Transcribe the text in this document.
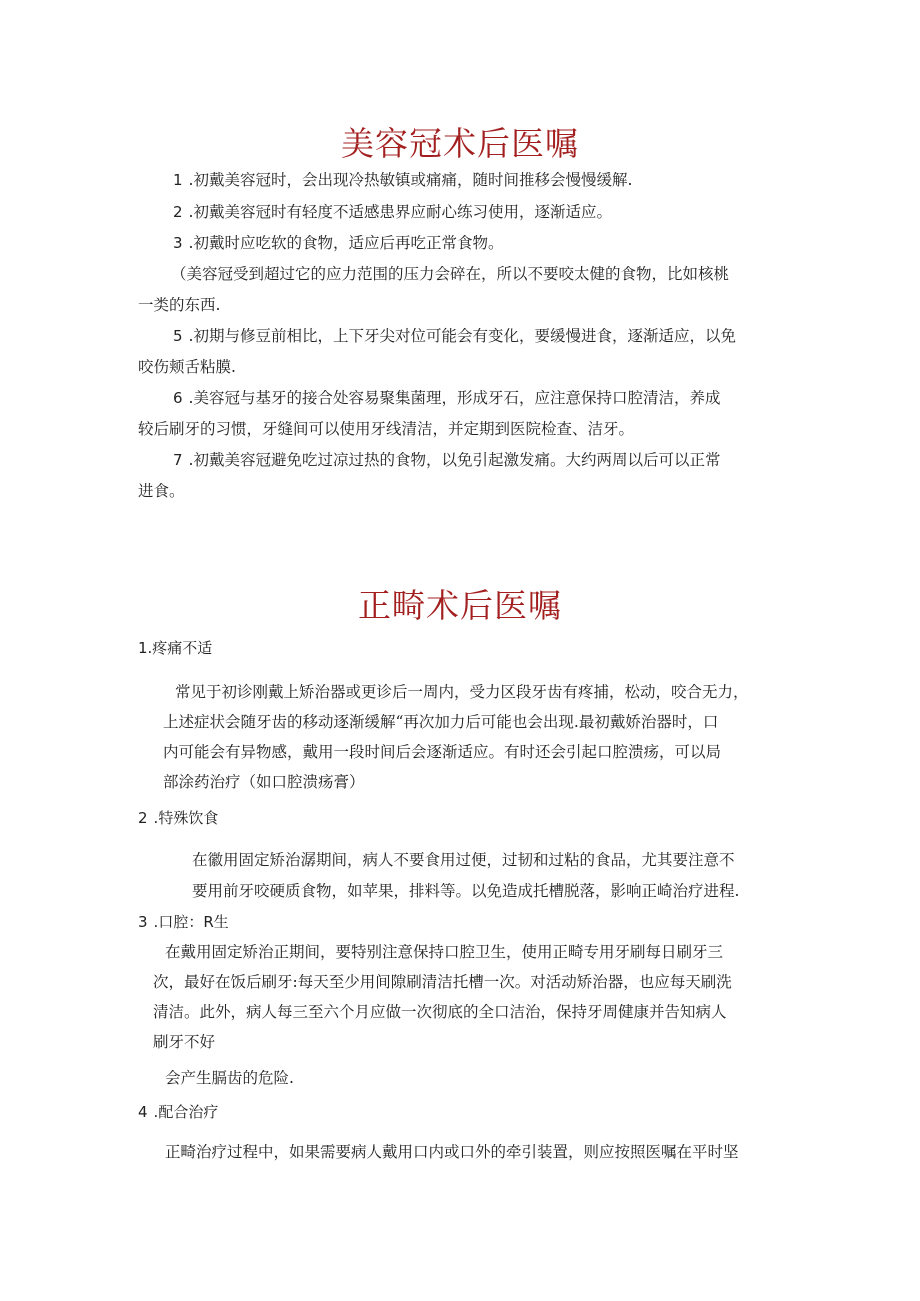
美容冠术后医嘱
1 .初戴美容冠时，会出现冷热敏镇或痛痛，随时间推移会慢慢缓解.
2 .初戴美容冠时有轻度不适感患界应耐心练习使用，逐渐适应。
3 .初戴时应吃软的食物，适应后再吃正常食物。
（美容冠受到超过它的应力范围的压力会碎在，所以不要咬太健的食物，比如核桃
一类的东西.
5 .初期与修豆前相比，上下牙尖对位可能会有变化，要缓慢进食，逐渐适应，以免
咬伤颊舌粘膜.
6 .美容冠与基牙的接合处容易聚集菌理，形成牙石，应注意保持口腔清洁，养成
较后刷牙的习惯，牙缝间可以使用牙线清洁，并定期到医院检查、洁牙。
7 .初戴美容冠避免吃过凉过热的食物，以免引起激发痛。大约两周以后可以正常
进食。
正畸术后医嘱
1.疼痛不适
常见于初诊刚戴上矫治器或更诊后一周内，受力区段牙齿有疼捕，松动，咬合无力，
上述症状会随牙齿的移动逐渐缓解“再次加力后可能也会出现.最初戴娇治器时，口
内可能会有异物感，戴用一段时间后会逐渐适应。有时还会引起口腔溃疡，可以局
部涂药治疗（如口腔溃疡膏）
2 .特殊饮食
在徽用固定矫治潺期间，病人不要食用过便，过韧和过粘的食品，尤其要注意不
要用前牙咬硬质食物，如苹果，排料等。以免造成托槽脱落，影响正崎治疗进程.
3 .口腔：R生
在戴用固定矫治正期间，要特别注意保持口腔卫生，使用正畸专用牙刷每日刷牙三
次，最好在饭后刷牙:每天至少用间隙刷清洁托槽一次。对活动矫治器，也应每天刷洗
清洁。此外，病人每三至六个月应做一次彻底的全口洁治，保持牙周健康并告知病人
刷牙不好
会产生膈齿的危险.
4 .配合治疗
正畸治疗过程中，如果需要病人戴用口内或口外的牵引装置，则应按照医嘱在平时坚
